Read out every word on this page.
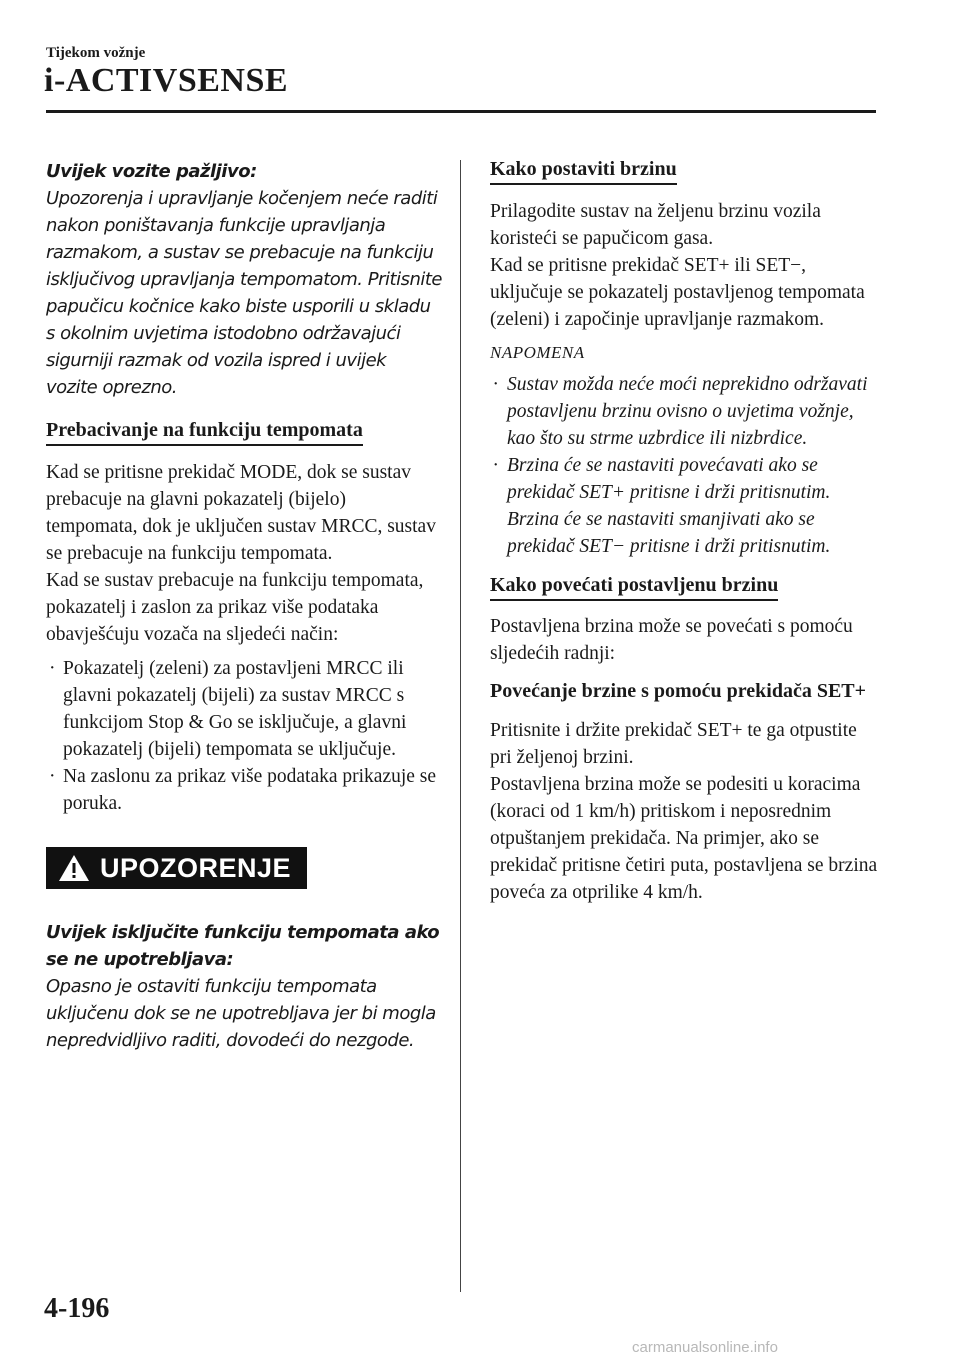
Tijekom vožnje
i-ACTIVSENSE

Uvijek vozite pažljivo:
Upozorenja i upravljanje kočenjem neće raditi nakon poništavanja funkcije upravljanja razmakom, a sustav se prebacuje na funkciju isključivog upravljanja tempomatom. Pritisnite papučicu kočnice kako biste usporili u skladu s okolnim uvjetima istodobno održavajući sigurniji razmak od vozila ispred i uvijek vozite oprezno.

Prebacivanje na funkciju tempomata

Kad se pritisne prekidač MODE, dok se sustav prebacuje na glavni pokazatelj (bijelo) tempomata, dok je uključen sustav MRCC, sustav se prebacuje na funkciju tempomata.

Kad se sustav prebacuje na funkciju tempomata, pokazatelj i zaslon za prikaz više podataka obavješćuju vozača na sljedeći način:

· Pokazatelj (zeleni) za postavljeni MRCC ili glavni pokazatelj (bijeli) za sustav MRCC s funkcijom Stop & Go se isključuje, a glavni pokazatelj (bijeli) tempomata se uključuje.
· Na zaslonu za prikaz više podataka prikazuje se poruka.
UPOZORENJE

Uvijek isključite funkciju tempomata ako se ne upotrebljava:
Opasno je ostaviti funkciju tempomata uključenu dok se ne upotrebljava jer bi mogla nepredvidljivo raditi, dovodeći do nezgode.

Kako postaviti brzinu

Prilagodite sustav na željenu brzinu vozila koristeći se papučicom gasa.

Kad se pritisne prekidač SET+ ili SET−, uključuje se pokazatelj postavljenog tempomata (zeleni) i započinje upravljanje razmakom.

NAPOMENA

· Sustav možda neće moći neprekidno održavati postavljenu brzinu ovisno o uvjetima vožnje, kao što su strme uzbrdice ili nizbrdice.
· Brzina će se nastaviti povećavati ako se prekidač SET+ pritisne i drži pritisnutim. Brzina će se nastaviti smanjivati ako se prekidač SET− pritisne i drži pritisnutim.
Kako povećati postavljenu brzinu

Postavljena brzina može se povećati s pomoću sljedećih radnji:

Povećanje brzine s pomoću prekidača SET+

Pritisnite i držite prekidač SET+ te ga otpustite pri željenoj brzini.

Postavljena brzina može se podesiti u koracima (koraci od 1 km/h) pritiskom i neposrednim otpuštanjem prekidača. Na primjer, ako se prekidač pritisne četiri puta, postavljena se brzina poveća za otprilike 4 km/h.

4-196
carmanualsonline.info
